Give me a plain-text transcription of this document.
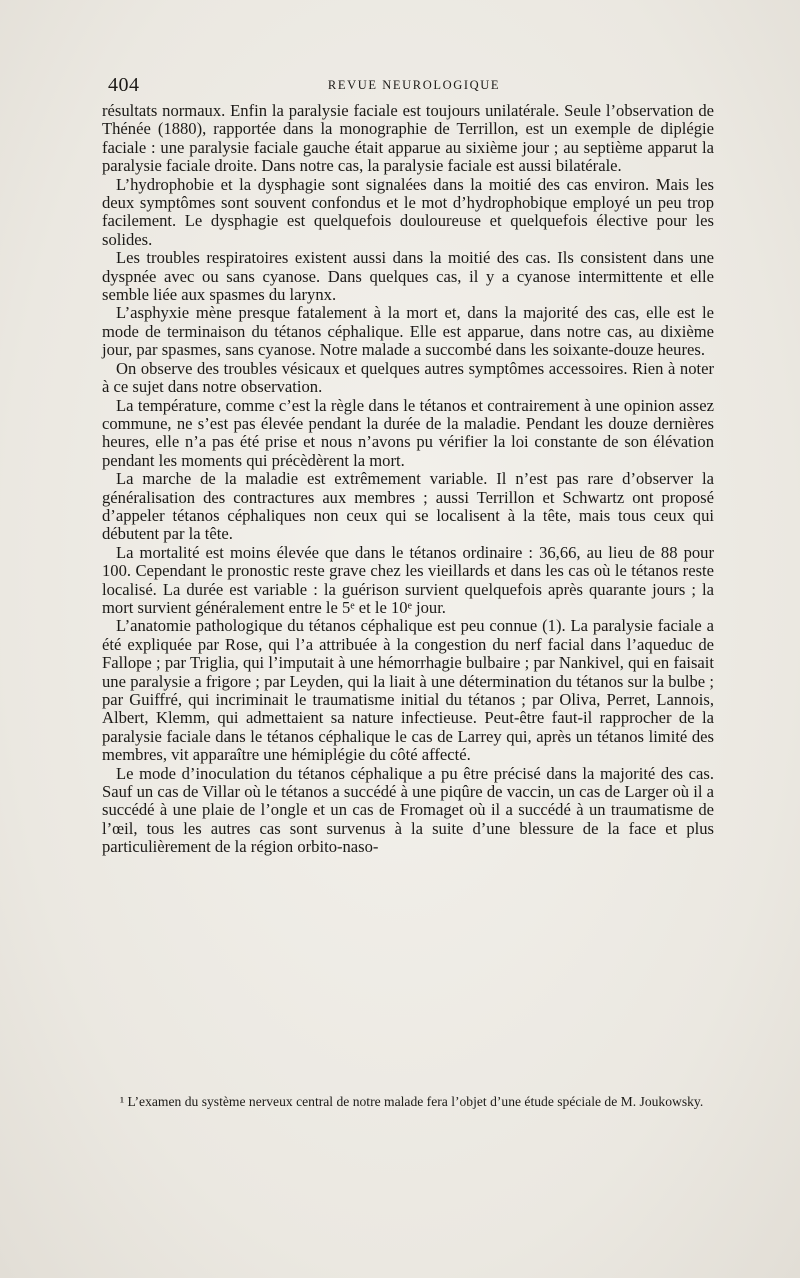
404	REVUE NEUROLOGIQUE

résultats normaux. Enfin la paralysie faciale est toujours unilatérale. Seule l’observation de Thénée (1880), rapportée dans la monographie de Terrillon, est un exemple de diplégie faciale : une paralysie faciale gauche était apparue au sixième jour ; au septième apparut la paralysie faciale droite. Dans notre cas, la paralysie faciale est aussi bilatérale.

L’hydrophobie et la dysphagie sont signalées dans la moitié des cas environ. Mais les deux symptômes sont souvent confondus et le mot d’hydrophobique employé un peu trop facilement. Le dysphagie est quelquefois douloureuse et quelquefois élective pour les solides.

Les troubles respiratoires existent aussi dans la moitié des cas. Ils consistent dans une dyspnée avec ou sans cyanose. Dans quelques cas, il y a cyanose intermittente et elle semble liée aux spasmes du larynx.

L’asphyxie mène presque fatalement à la mort et, dans la majorité des cas, elle est le mode de terminaison du tétanos céphalique. Elle est apparue, dans notre cas, au dixième jour, par spasmes, sans cyanose. Notre malade a succombé dans les soixante-douze heures.

On observe des troubles vésicaux et quelques autres symptômes accessoires. Rien à noter à ce sujet dans notre observation.

La température, comme c’est la règle dans le tétanos et contrairement à une opinion assez commune, ne s’est pas élevée pendant la durée de la maladie. Pendant les douze dernières heures, elle n’a pas été prise et nous n’avons pu vérifier la loi constante de son élévation pendant les moments qui précèdèrent la mort.

La marche de la maladie est extrêmement variable. Il n’est pas rare d’observer la généralisation des contractures aux membres ; aussi Terrillon et Schwartz ont proposé d’appeler tétanos céphaliques non ceux qui se localisent à la tête, mais tous ceux qui débutent par la tête.

La mortalité est moins élevée que dans le tétanos ordinaire : 36,66, au lieu de 88 pour 100. Cependant le pronostic reste grave chez les vieillards et dans les cas où le tétanos reste localisé. La durée est variable : la guérison survient quelquefois après quarante jours ; la mort survient généralement entre le 5ᵉ et le 10ᵉ jour.

L’anatomie pathologique du tétanos céphalique est peu connue (1). La paralysie faciale a été expliquée par Rose, qui l’a attribuée à la congestion du nerf facial dans l’aqueduc de Fallope ; par Triglia, qui l’imputait à une hémorrhagie bulbaire ; par Nankivel, qui en faisait une paralysie a frigore ; par Leyden, qui la liait à une détermination du tétanos sur la bulbe ; par Guiffré, qui incriminait le traumatisme initial du tétanos ; par Oliva, Perret, Lannois, Albert, Klemm, qui admettaient sa nature infectieuse. Peut-être faut-il rapprocher de la paralysie faciale dans le tétanos céphalique le cas de Larrey qui, après un tétanos limité des membres, vit apparaître une hémiplégie du côté affecté.

Le mode d’inoculation du tétanos céphalique a pu être précisé dans la majorité des cas. Sauf un cas de Villar où le tétanos a succédé à une piqûre de vaccin, un cas de Larger où il a succédé à une plaie de l’ongle et un cas de Fromaget où il a succédé à un traumatisme de l’œil, tous les autres cas sont survenus à la suite d’une blessure de la face et plus particulièrement de la région orbito-naso-

¹ L’examen du système nerveux central de notre malade fera l’objet d’une étude spéciale de M. Joukowsky.
